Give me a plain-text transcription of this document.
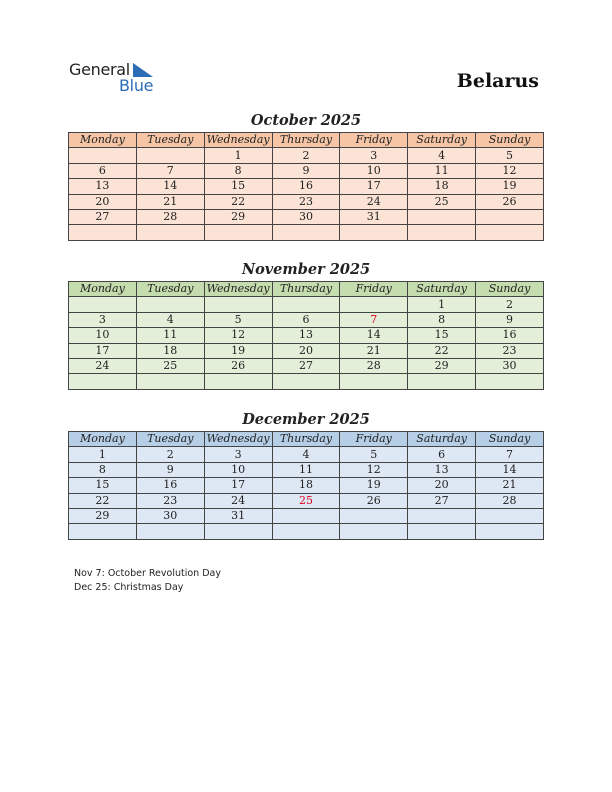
General
Blue	Belarus
October 2025
Monday	Tuesday	Wednesday	Thursday	Friday	Saturday	Sunday
		1	2	3	4	5
6	7	8	9	10	11	12
13	14	15	16	17	18	19
20	21	22	23	24	25	26
27	28	29	30	31		

November 2025
Monday	Tuesday	Wednesday	Thursday	Friday	Saturday	Sunday
					1	2
3	4	5	6	7	8	9
10	11	12	13	14	15	16
17	18	19	20	21	22	23
24	25	26	27	28	29	30

December 2025
Monday	Tuesday	Wednesday	Thursday	Friday	Saturday	Sunday
1	2	3	4	5	6	7
8	9	10	11	12	13	14
15	16	17	18	19	20	21
22	23	24	25	26	27	28
29	30	31				

Nov 7: October Revolution Day
Dec 25: Christmas Day
